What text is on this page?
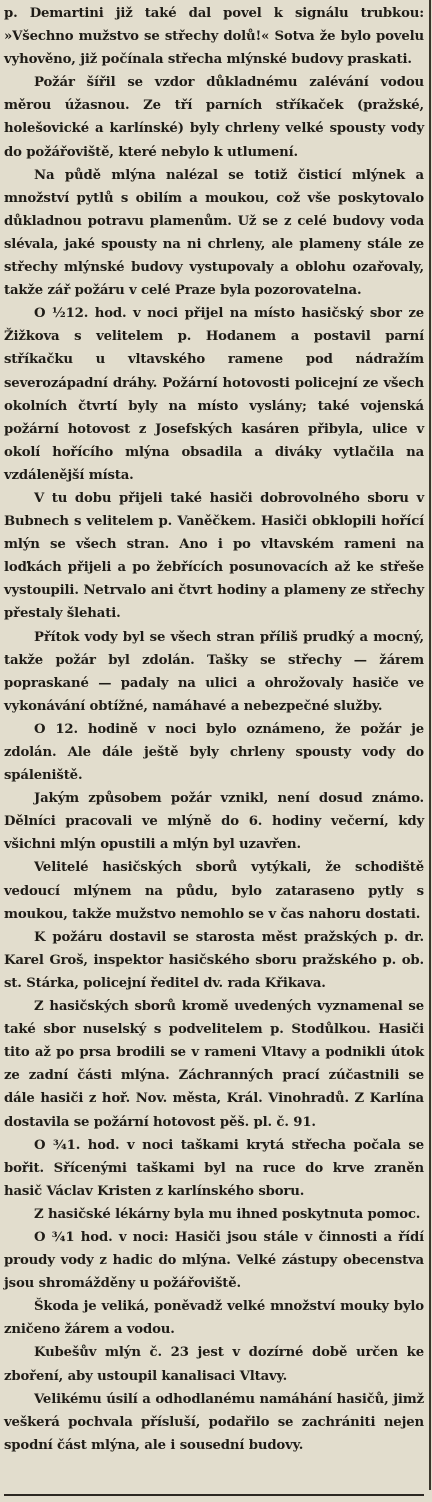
p. Demartini již také dal povel k signálu trubkou: »Všechno mužstvo se střechy dolů!« Sotva že bylo povelu vyhověno, již počínala střecha mlýnské budovy praskati.

Požár šířil se vzdor důkladnému zalévání vodou měrou úžasnou. Ze tří parních stříkaček (pražské, holešovické a karlínské) byly chrleny velké spousty vody do požářoviště, které nebylo k utlumení.

Na půdě mlýna nalézal se totiž čisticí mlýnek a množství pytlů s obilím a moukou, což vše poskytovalo důkladnou potravu plamenům. Už se z celé budovy voda slévala, jaké spousty na ni chrleny, ale plameny stále ze střechy mlýnské budovy vystupovaly a oblohu ozařovaly, takže zář požáru v celé Praze byla pozorovatelna.

O ½12. hod. v noci přijel na místo hasičský sbor ze Žižkova s velitelem p. Hodanem a postavil parní stříkačku u vltavského ramene pod nádražím severozápadní dráhy. Požární hotovosti policejní ze všech okolních čtvrtí byly na místo vyslány; také vojenská požární hotovost z Josefských kasáren přibyla, ulice v okolí hořícího mlýna obsadila a diváky vytlačila na vzdálenější místa.

V tu dobu přijeli také hasiči dobrovolného sboru v Bubnech s velitelem p. Vaněčkem. Hasiči obklopili hořící mlýn se všech stran. Ano i po vltavském rameni na loďkách přijeli a po žebřících posunovacích až ke střeše vystoupili. Netrvalo ani čtvrt hodiny a plameny ze střechy přestaly šlehati.

Přítok vody byl se všech stran příliš prudký a mocný, takže požár byl zdolán. Tašky se střechy — žárem popraskané — padaly na ulici a ohrožovaly hasiče ve vykonávání obtížné, namáhavé a nebezpečné služby.

O 12. hodině v noci bylo oznámeno, že požár je zdolán. Ale dále ještě byly chrleny spousty vody do spáleniště.

Jakým způsobem požár vznikl, není dosud známo. Dělníci pracovali ve mlýně do 6. hodiny večerní, kdy všichni mlýn opustili a mlýn byl uzavřen.

Velitelé hasičských sborů vytýkali, že schodiště vedoucí mlýnem na půdu, bylo zataraseno pytly s moukou, takže mužstvo nemohlo se v čas nahoru dostati.

K požáru dostavil se starosta měst pražských p. dr. Karel Groš, inspektor hasičského sboru pražského p. ob. st. Stárka, policejní ředitel dv. rada Křikava.

Z hasičských sborů kromě uvedených vyznamenal se také sbor nuselský s podvelitelem p. Stodůlkou. Hasiči tito až po prsa brodili se v rameni Vltavy a podnikli útok ze zadní části mlýna. Záchranných prací zúčastnili se dále hasiči z hoř. Nov. města, Král. Vinohradů. Z Karlína dostavila se požární hotovost pěš. pl. č. 91.

O ¾1. hod. v noci taškami krytá střecha počala se bořit. Sřícenými taškami byl na ruce do krve zraněn hasič Václav Kristen z karlínského sboru.

Z hasičské lékárny byla mu ihned poskytnuta pomoc.

O ¾1 hod. v noci: Hasiči jsou stále v činnosti a řídí proudy vody z hadic do mlýna. Velké zástupy obecenstva jsou shromážděny u požářoviště.

Škoda je veliká, poněvadž velké množství mouky bylo zničeno žárem a vodou.

Kubešův mlýn č. 23 jest v dozírné době určen ke zboření, aby ustoupil kanalisaci Vltavy.

Velikému úsilí a odhodlanému namáhání hasičů, jimž veškerá pochvala přísluší, podařilo se zachrániti nejen spodní část mlýna, ale i sousední budovy.
